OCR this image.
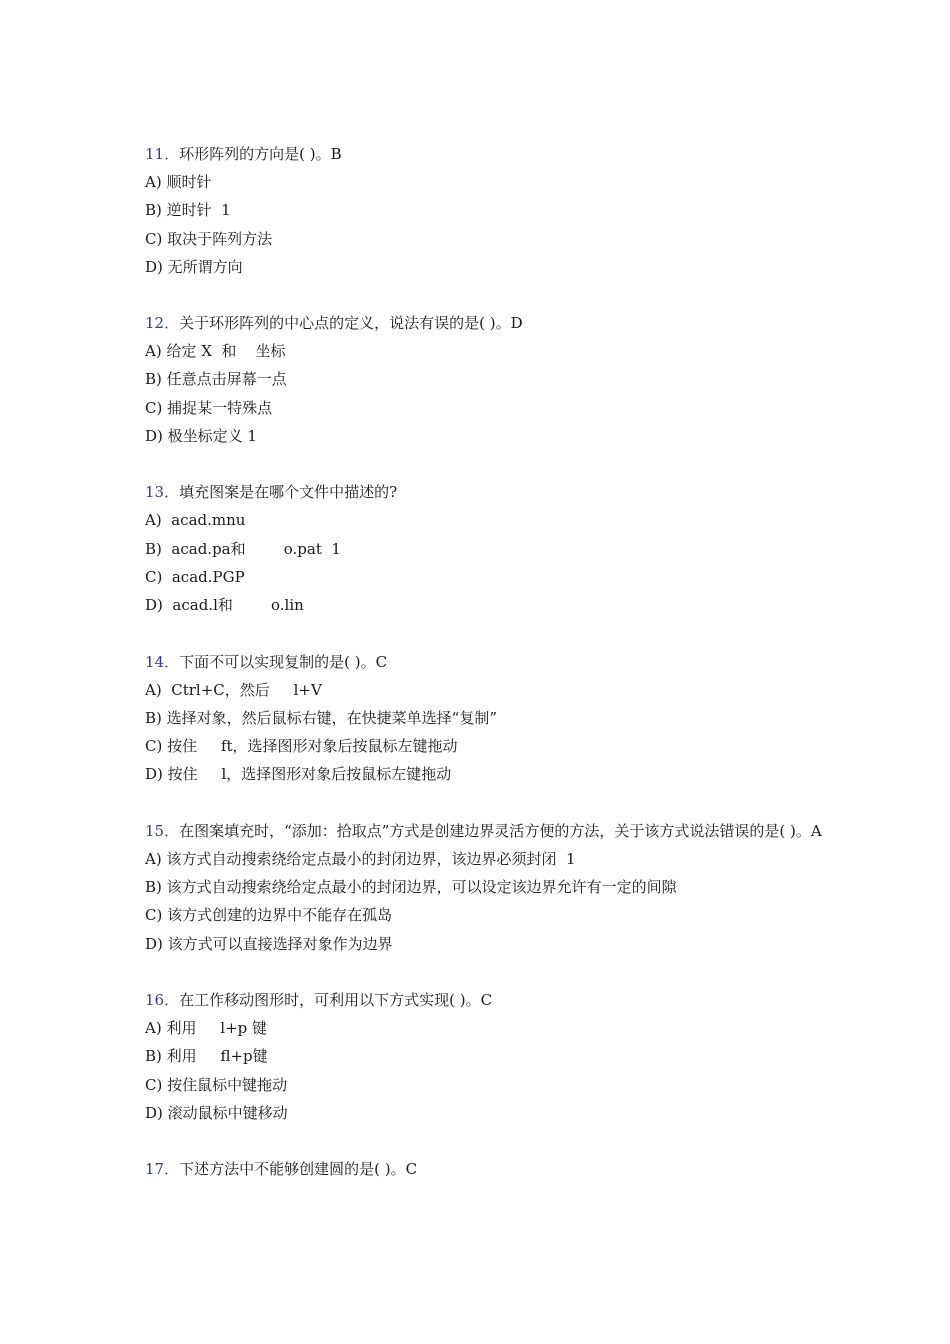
11．环形阵列的方向是( )。B

A) 顺时针

B) 逆时针  1

C) 取决于阵列方法

D) 无所谓方向

12．关于环形阵列的中心点的定义，说法有误的是( )。D

A) 给定 X  和    坐标

B) 任意点击屏幕一点

C) 捕捉某一特殊点

D) 极坐标定义 1

13．填充图案是在哪个文件中描述的?

A)  acad.mnu

B)  acad.pa和        o.pat  1

C)  acad.PGP

D)  acad.l和        o.lin

14．下面不可以实现复制的是( )。C

A)  Ctrl+C，然后     l+V

B) 选择对象，然后鼠标右键，在快捷菜单选择“复制”

C) 按住     ft，选择图形对象后按鼠标左键拖动

D) 按住     l，选择图形对象后按鼠标左键拖动

15．在图案填充时，“添加：拾取点”方式是创建边界灵活方便的方法，关于该方式说法错误的是( )。A

A) 该方式自动搜索绕给定点最小的封闭边界，该边界必须封闭  1

B) 该方式自动搜索绕给定点最小的封闭边界，可以设定该边界允许有一定的间隙

C) 该方式创建的边界中不能存在孤岛

D) 该方式可以直接选择对象作为边界

16．在工作移动图形时，可利用以下方式实现( )。C

A) 利用     l+p 键

B) 利用     fl+p键

C) 按住鼠标中键拖动

D) 滚动鼠标中键移动

17．下述方法中不能够创建圆的是( )。C
